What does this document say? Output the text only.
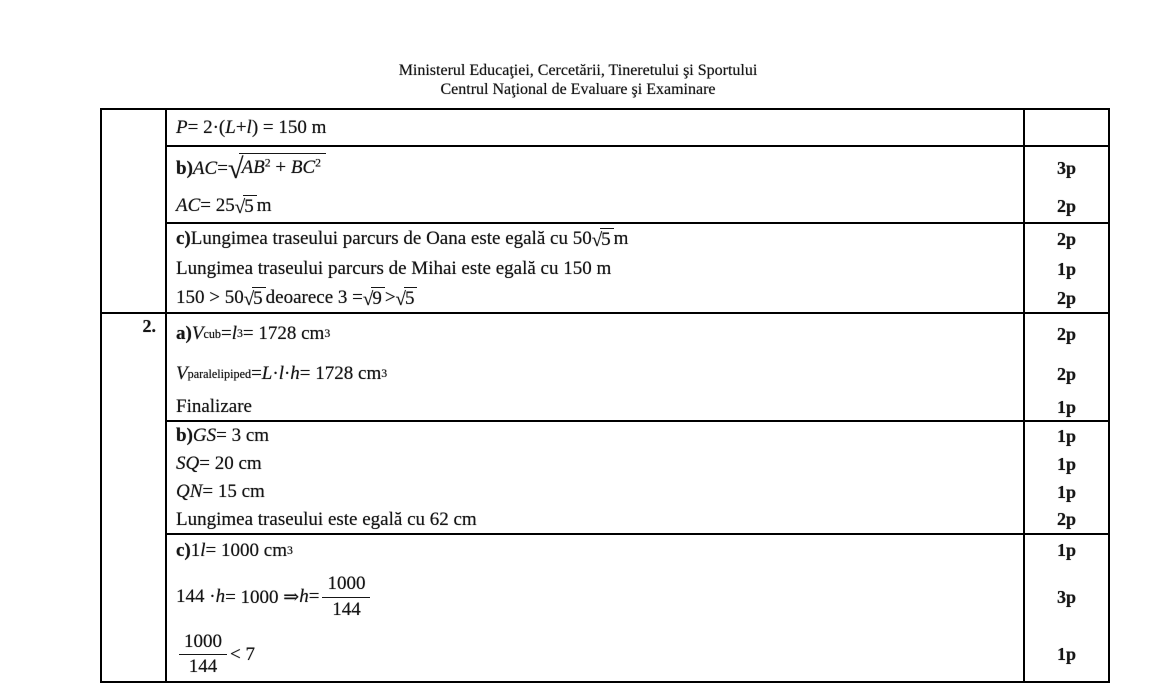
Ministerul Educaţiei, Cercetării, Tineretului şi Sportului
Centrul Naţional de Evaluare şi Examinare
P = 2·( L + l ) = 150 m
b) AC = $√AB^2 + BC^2$	3p
AC = 25 √5 m	2p
c) Lungimea traseului parcurs de Oana este egală cu 50 √5 m	2p
Lungimea traseului parcurs de Mihai este egală cu 150 m	1p
150 > 50 √5 deoarece 3 = √9 > √5	2p
2.	a) V cub = l 3 = 1728 cm 3	2p
V paralelipiped = L · l · h = 1728 cm 3	2p
Finalizare	1p
b) GS = 3 cm	1p
SQ = 20 cm	1p
QN = 15 cm	1p
Lungimea traseului este egală cu 62 cm	2p
c) 1 l = 1000 cm 3	1p
144 · h = 1000 ⇒ $h = \frac{1000}{144}$	3p
$\frac{1000}{144} < 7$	1p
